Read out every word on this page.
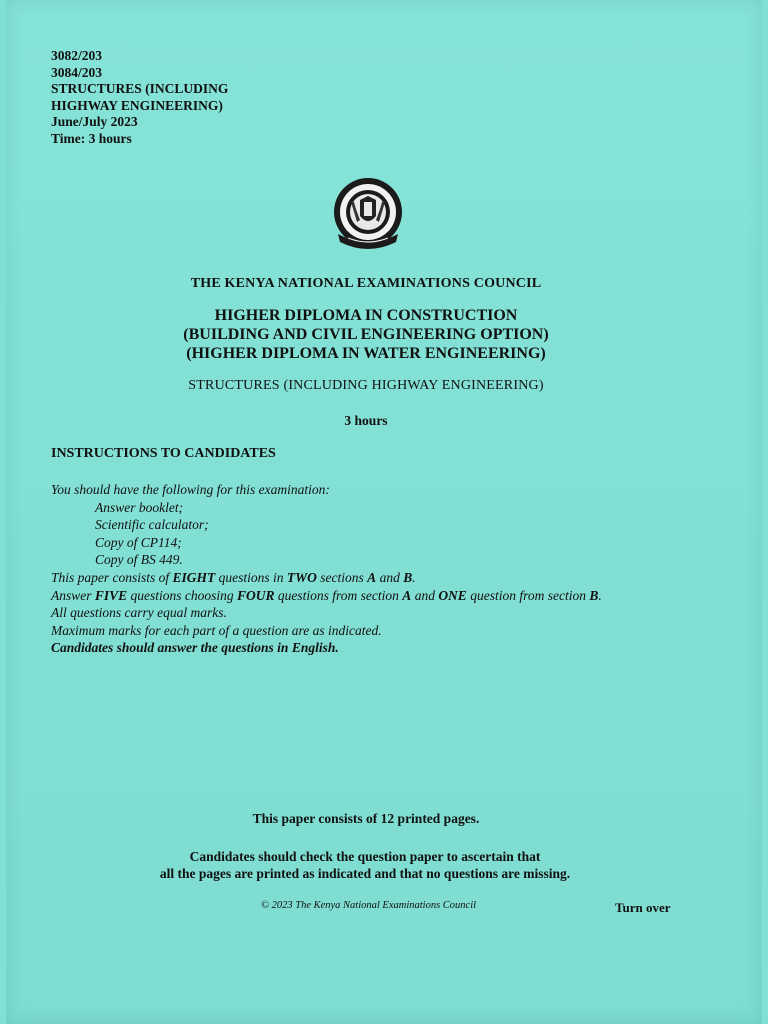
3082/203
3084/203
STRUCTURES (INCLUDING
HIGHWAY ENGINEERING)
June/July 2023
Time: 3 hours
THE KENYA NATIONAL EXAMINATIONS COUNCIL
HIGHER DIPLOMA IN CONSTRUCTION
(BUILDING AND CIVIL ENGINEERING OPTION)
(HIGHER DIPLOMA IN WATER ENGINEERING)
STRUCTURES (INCLUDING HIGHWAY ENGINEERING)
3 hours
INSTRUCTIONS TO CANDIDATES
You should have the following for this examination:
Answer booklet;
Scientific calculator;
Copy of CP114;
Copy of BS 449.
This paper consists of EIGHT questions in TWO sections A and B.
Answer FIVE questions choosing FOUR questions from section A and ONE question from section B.
All questions carry equal marks.
Maximum marks for each part of a question are as indicated.
Candidates should answer the questions in English.
This paper consists of 12 printed pages.
Candidates should check the question paper to ascertain that
all the pages are printed as indicated and that no questions are missing.
© 2023 The Kenya National Examinations Council	Turn over
